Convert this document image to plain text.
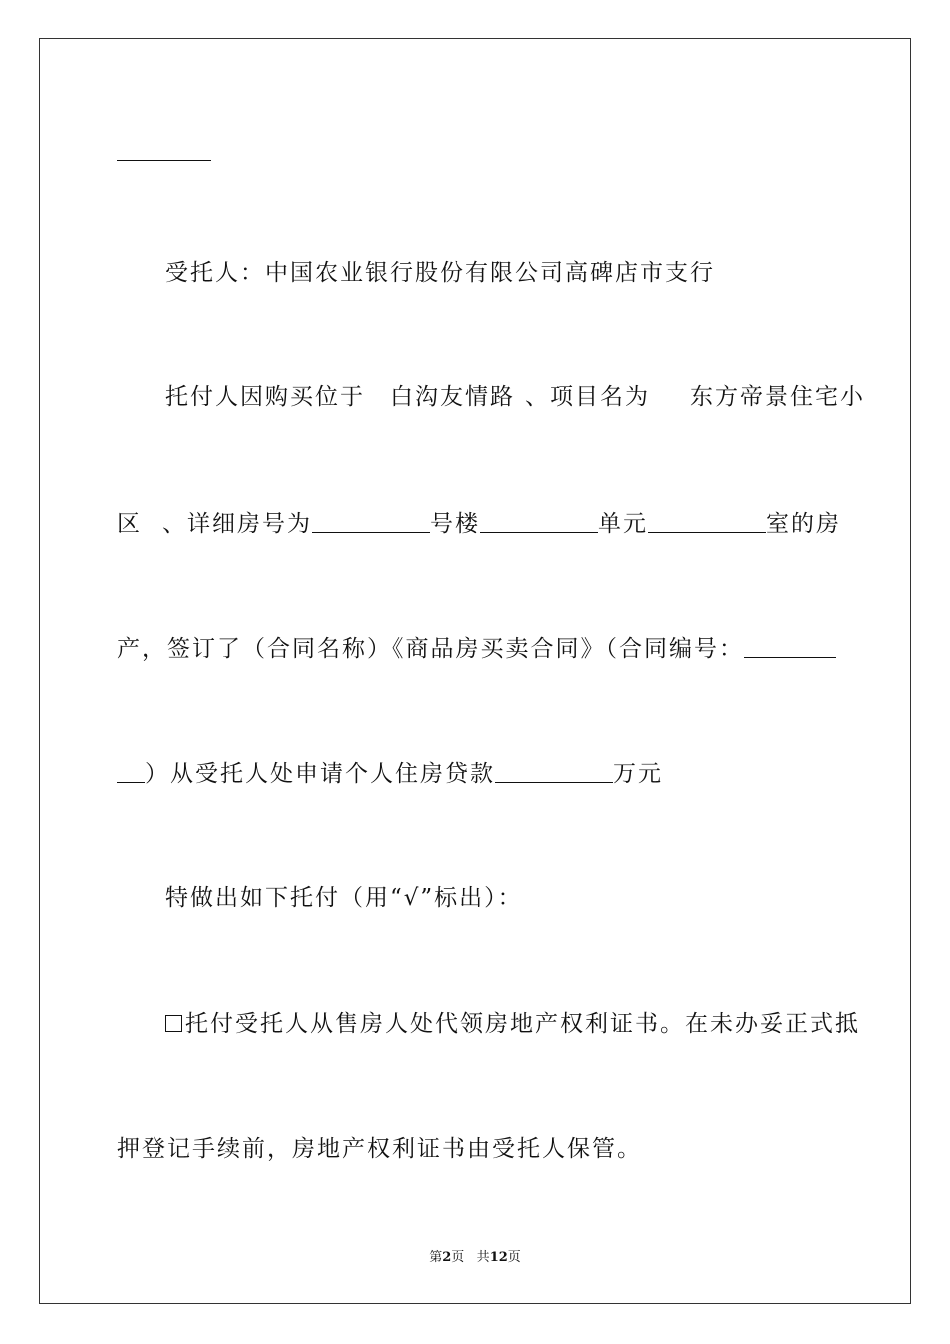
受托人：中国农业银行股份有限公司高碑店市支行
托付人因购买位于 白沟友情路 、项目名为 东方帝景住宅小
区 、详细房号为	号楼	单元	室的房
产，签订了（合同名称）《商品房买卖合同》（合同编号：
）从受托人处申请个人住房贷款	万元
特做出如下托付（用“√”标出）：
托付受托人从售房人处代领房地产权利证书。在未办妥正式抵
押登记手续前，房地产权利证书由受托人保管。
第2页 共12页
